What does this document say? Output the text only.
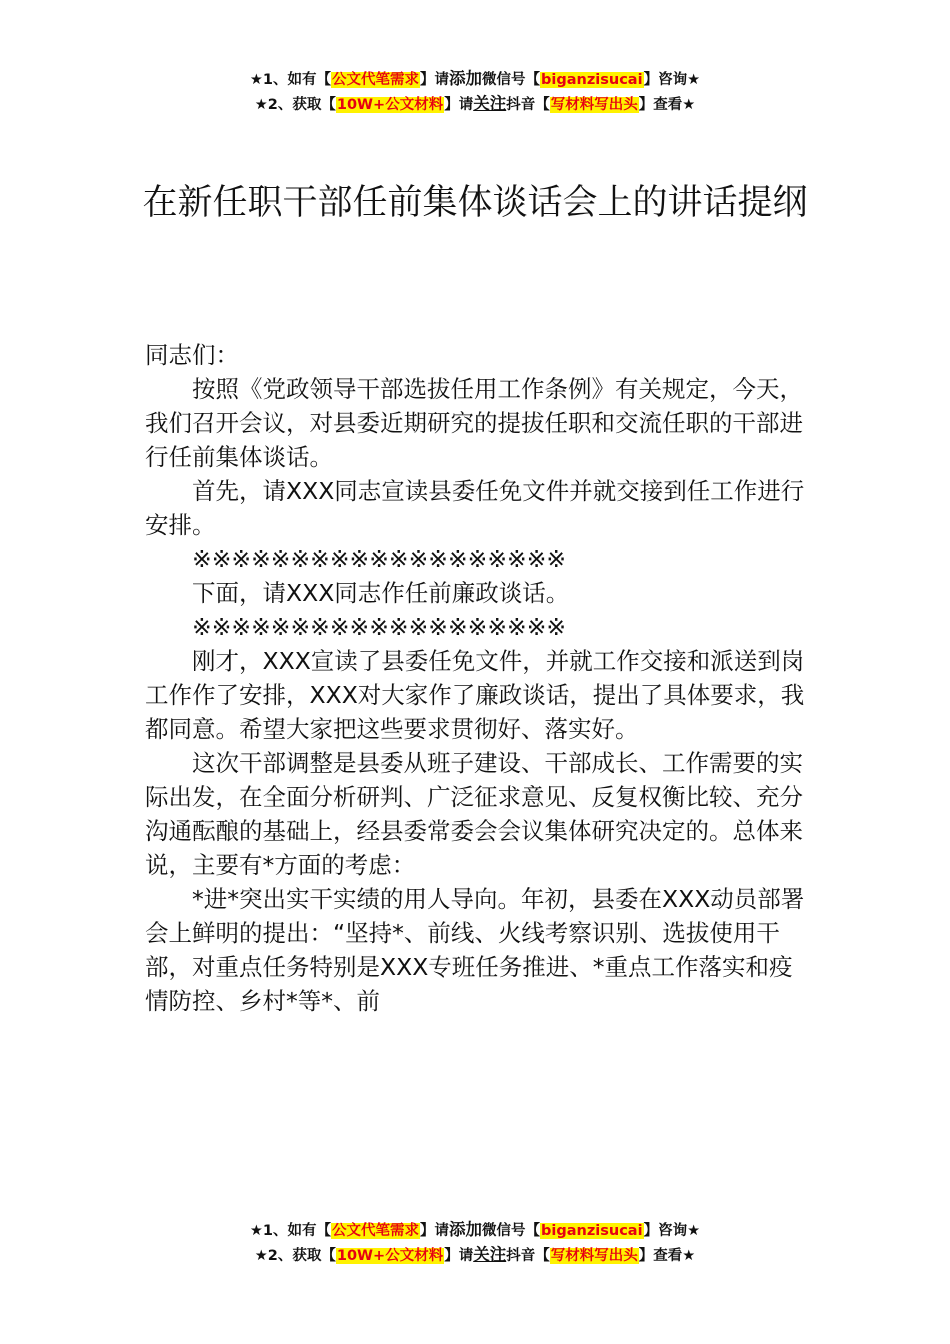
★1、如有【公文代笔需求】请添加微信号【biganzisucai】咨询★
★2、获取【10W+公文材料】请关注抖音【写材料写出头】查看★
在新任职干部任前集体谈话会上的讲话提纲

同志们：

按照《党政领导干部选拔任用工作条例》有关规定，今天，我们召开会议，对县委近期研究的提拔任职和交流任职的干部进行任前集体谈话。

首先，请XXX同志宣读县委任免文件并就交接到任工作进行安排。

※※※※※※※※※※※※※※※※※※※

下面，请XXX同志作任前廉政谈话。

※※※※※※※※※※※※※※※※※※※

刚才，XXX宣读了县委任免文件，并就工作交接和派送到岗工作作了安排，XXX对大家作了廉政谈话，提出了具体要求，我都同意。希望大家把这些要求贯彻好、落实好。

这次干部调整是县委从班子建设、干部成长、工作需要的实际出发，在全面分析研判、广泛征求意见、反复权衡比较、充分沟通酝酿的基础上，经县委常委会会议集体研究决定的。总体来说，主要有*方面的考虑：

*进*突出实干实绩的用人导向。年初，县委在XXX动员部署会上鲜明的提出：“坚持*、前线、火线考察识别、选拔使用干部，对重点任务特别是XXX专班任务推进、*重点工作落实和疫情防控、乡村*等*、前

★1、如有【公文代笔需求】请添加微信号【biganzisucai】咨询★
★2、获取【10W+公文材料】请关注抖音【写材料写出头】查看★
